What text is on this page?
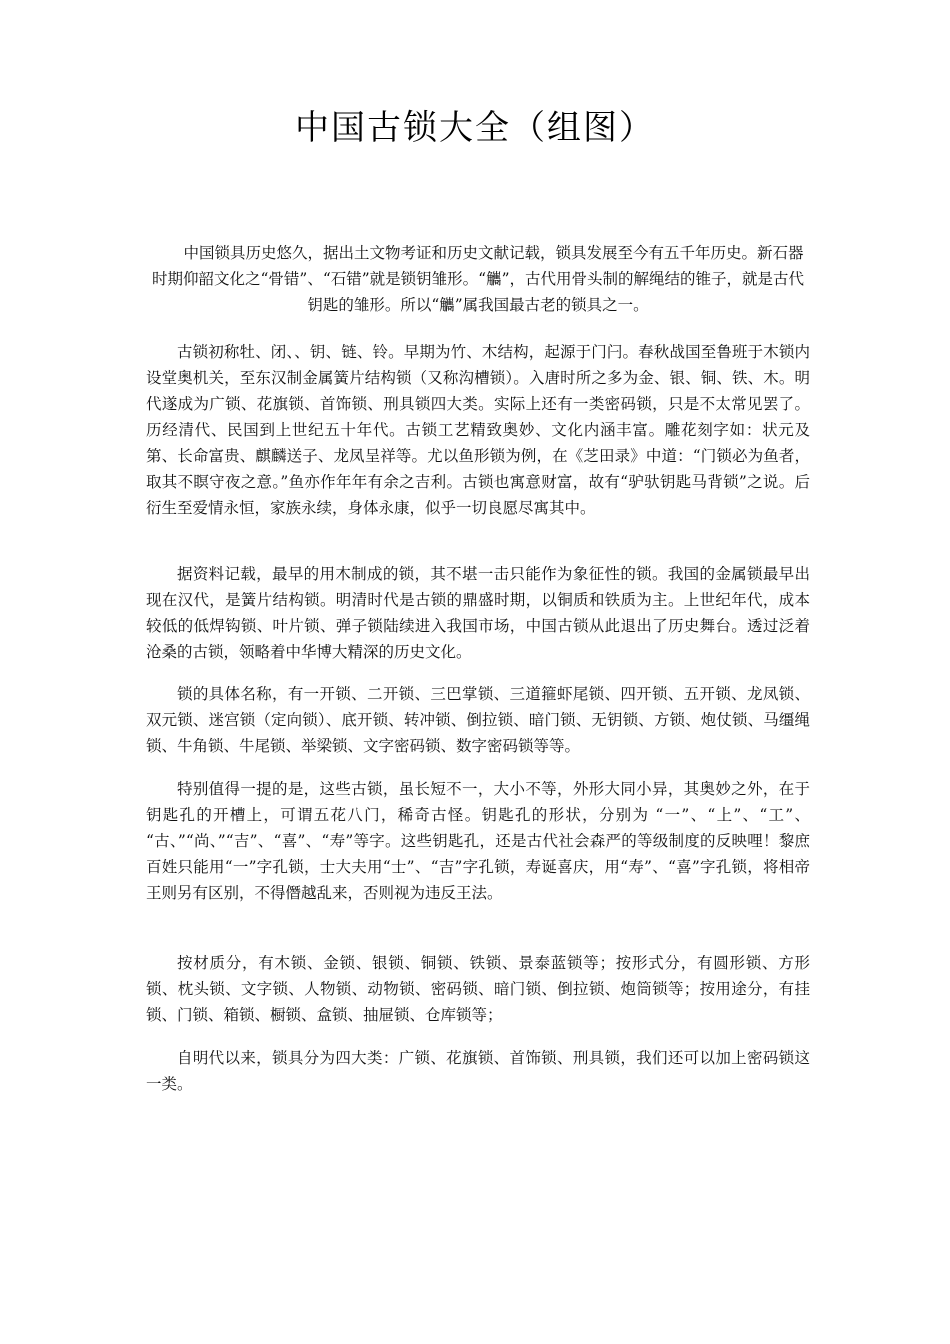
中国古锁大全（组图）

中国锁具历史悠久，据出土文物考证和历史文献记载，锁具发展至今有五千年历史。新石器时期仰韶文化之“骨错”、“石错”就是锁钥雏形。“觿”，古代用骨头制的解绳结的锥子，就是古代钥匙的雏形。所以“觿”属我国最古老的锁具之一。

古锁初称牡、闭、、钥、链、铃。早期为竹、木结构，起源于门闩。春秋战国至鲁班于木锁内设堂奥机关，至东汉制金属簧片结构锁（又称沟槽锁）。入唐时所之多为金、银、铜、铁、木。明代遂成为广锁、花旗锁、首饰锁、刑具锁四大类。实际上还有一类密码锁，只是不太常见罢了。历经清代、民国到上世纪五十年代。古锁工艺精致奥妙、文化内涵丰富。雕花刻字如：状元及第、长命富贵、麒麟送子、龙凤呈祥等。尤以鱼形锁为例，在《芝田录》中道：“门锁必为鱼者，取其不瞑守夜之意。”鱼亦作年年有余之吉利。古锁也寓意财富，故有“驴驮钥匙马背锁”之说。后衍生至爱情永恒，家族永续，身体永康，似乎一切良愿尽寓其中。

据资料记载，最早的用木制成的锁，其不堪一击只能作为象征性的锁。我国的金属锁最早出现在汉代，是簧片结构锁。明清时代是古锁的鼎盛时期，以铜质和铁质为主。上世纪年代，成本较低的低焊钩锁、叶片锁、弹子锁陆续进入我国市场，中国古锁从此退出了历史舞台。透过泛着沧桑的古锁，领略着中华博大精深的历史文化。

锁的具体名称，有一开锁、二开锁、三巴掌锁、三道箍虾尾锁、四开锁、五开锁、龙凤锁、双元锁、迷宫锁（定向锁）、底开锁、转冲锁、倒拉锁、暗门锁、无钥锁、方锁、炮仗锁、马缰绳锁、牛角锁、牛尾锁、举梁锁、文字密码锁、数字密码锁等等。

特别值得一提的是，这些古锁，虽长短不一，大小不等，外形大同小异，其奥妙之外，在于钥匙孔的开槽上，可谓五花八门，稀奇古怪。钥匙孔的形状，分别为 “一”、“上”、“工”、 “古、”“尚、”“吉”、“喜”、“寿”等字。这些钥匙孔，还是古代社会森严的等级制度的反映哩！黎庶百姓只能用“一”字孔锁，士大夫用“士”、“吉”字孔锁，寿诞喜庆，用“寿”、“喜”字孔锁，将相帝王则另有区别，不得僭越乱来，否则视为违反王法。

按材质分，有木锁、金锁、银锁、铜锁、铁锁、景泰蓝锁等；按形式分，有圆形锁、方形锁、枕头锁、文字锁、人物锁、动物锁、密码锁、暗门锁、倒拉锁、炮筒锁等；按用途分，有挂锁、门锁、箱锁、橱锁、盒锁、抽屉锁、仓库锁等；

自明代以来，锁具分为四大类：广锁、花旗锁、首饰锁、刑具锁，我们还可以加上密码锁这一类。
